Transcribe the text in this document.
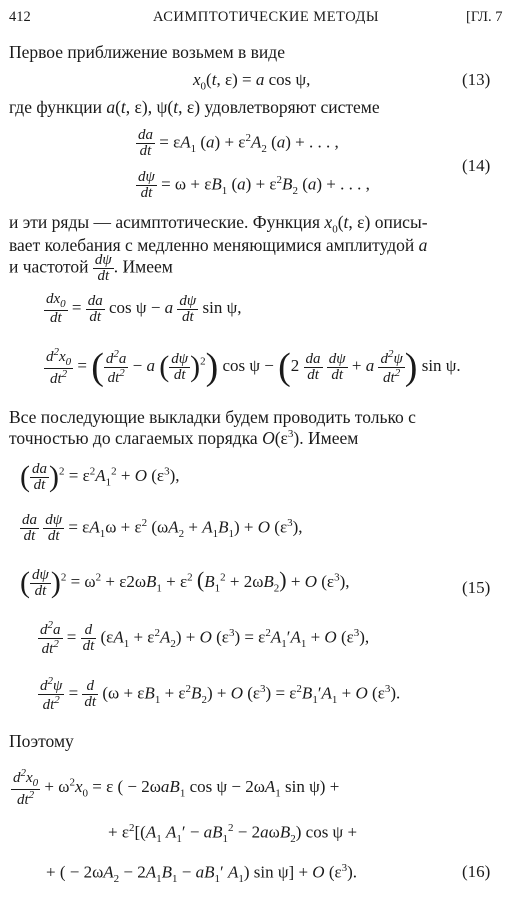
412	АСИМПТОТИЧЕСКИЕ МЕТОДЫ	[ГЛ. 7
Первое приближение возьмем в виде
$x_0(t$, ε) = a cos ψ,	(13)
где функции a(t, ε), ψ(t, ε) удовлетворяют системе
$\frac{da}{dt} = \varepsilon A_1$ $(a) + \varepsilon^2A_2$ (a) + . . . ,
$\frac{d\psi}{dt} = \omega + \varepsilon B_1$ $(a) + \varepsilon^2B_2$ (a) + . . . ,
(14)
и эти ряды — асимптотические. Функция $x_0(t$, ε) описы-
вает колебания с медленно меняющимися амплитудой a
и частотой $\frac{d\psi}{dt}$ . Имеем
$\frac{dx_0}{dt} = \frac{da}{dt}$ cos ψ − a $\frac{d\psi}{dt}$ sin ψ,
$\frac{d^2x_0}{dt^2}$ = ( $\frac{d^2a}{dt^2} - a$ ( $\frac{d\psi}{dt} )^2$) $\cos \psi - (2 \frac{da}{dt}$
$\frac{d\psi}{dt} + a \frac{d^2\psi}{dt^2}$ ) sin ψ.
Все последующие выкладки будем проводить только с
точностью до слагаемых порядка $O(\varepsilon^3)$. Имеем
( $\frac{da}{dt} )^2 = \varepsilon^2A_1^2 + O$ $(\varepsilon^3)$,
$\frac{da}{dt}$
$\frac{d\psi}{dt} = \varepsilon A_1\omega + \varepsilon^2$ $(\omega A_2 + A_1B_1) + O$ $(\varepsilon^3)$,
( $\frac{d\psi}{dt} )^2 = \omega^2 + \varepsilon 2\omega B_1 + \varepsilon^2$ $(B_1^2 + 2\omega B_2) + O$ $(\varepsilon^3)$,	(15)
$\frac{d^2a}{dt^2} = \frac{d}{dt} (\varepsilon A_1 + \varepsilon^2A_2) + O$ $(\varepsilon^3) = \varepsilon^2A_1'A_1 + O$ $(\varepsilon^3)$,
$\frac{d^2\psi}{dt^2} = \frac{d}{dt} (\omega + \varepsilon B_1 + \varepsilon^2B_2) + O$ $(\varepsilon^3) = \varepsilon^2B_1'A_1 + O$ $(\varepsilon^3)$.
Поэтому
$\frac{d^2x_0}{dt^2} + \omega^2x_0 = \varepsilon$ ( − 2ωaB$_1$ $\cos \psi - 2\omega A_1$ sin ψ) +
+ $\varepsilon^2[(A_1$ $A_1' - aB_1^2 - 2a\omega B_2$) cos ψ +
+ ( − $2\omega A_2 - 2A_1B_1 - aB_1'$ $A_1$) sin ψ] + O $(\varepsilon^3)$.	(16)
